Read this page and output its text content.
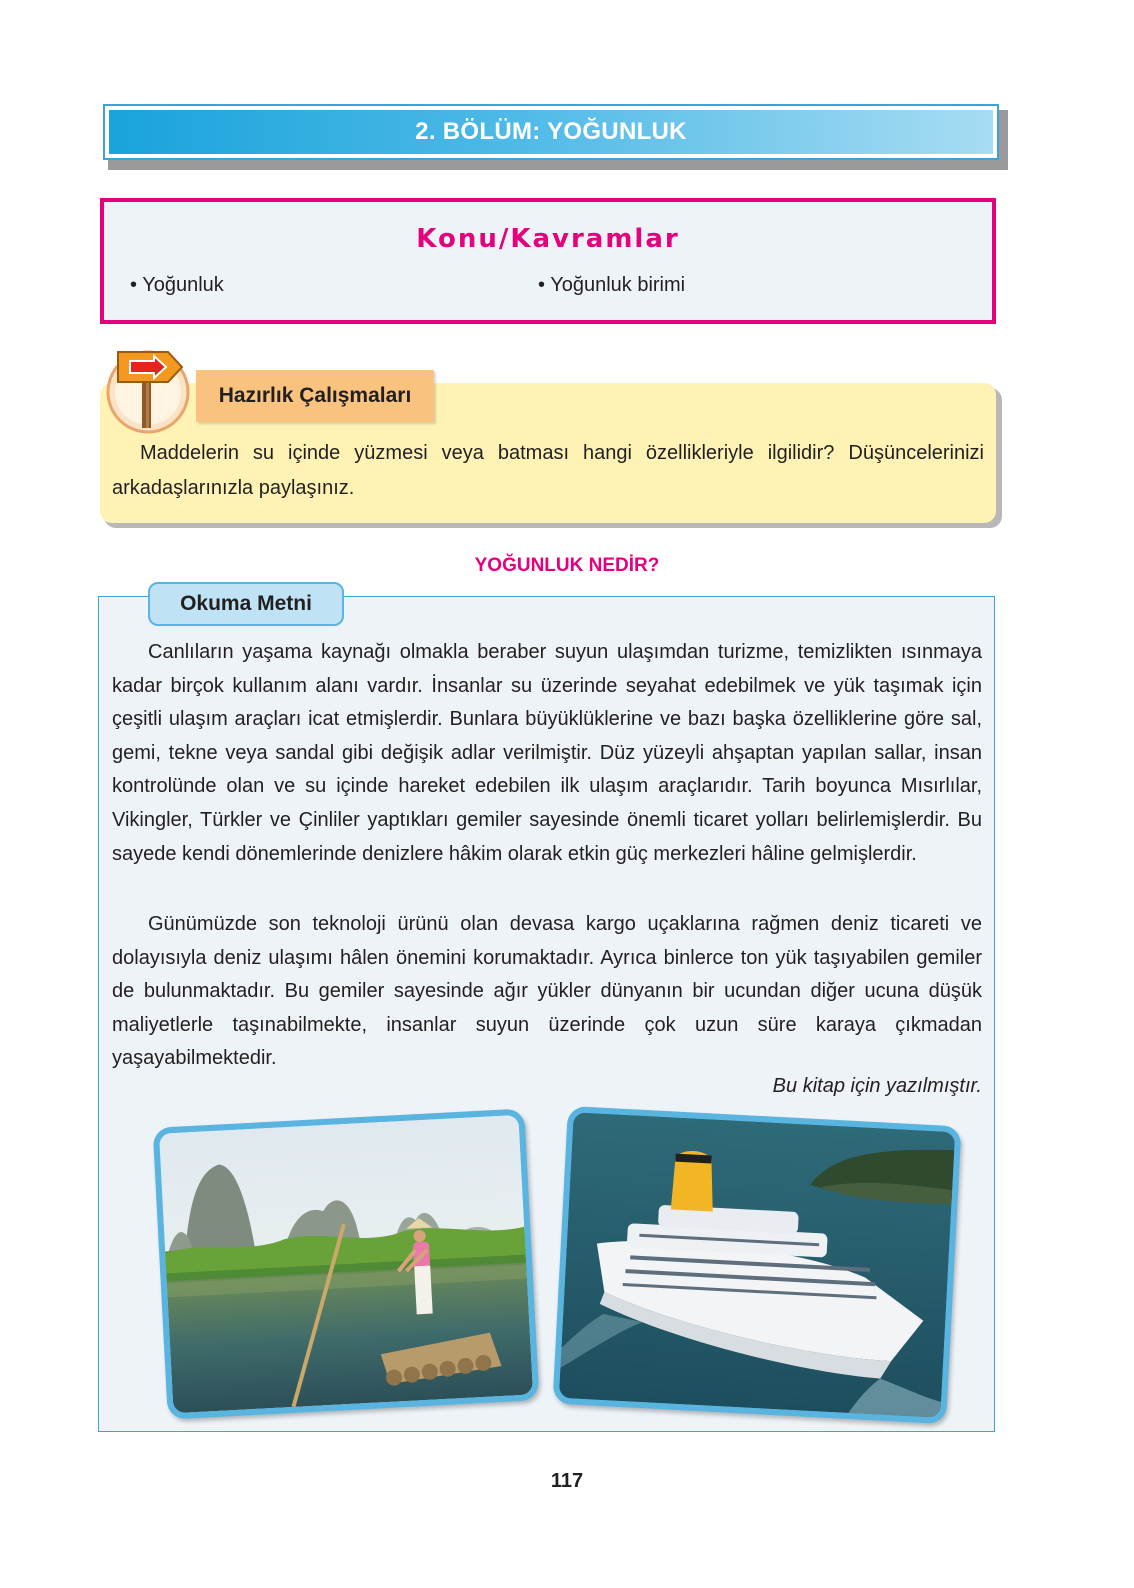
2. BÖLÜM: YOĞUNLUK
Konu/Kavramlar
• Yoğunluk	• Yoğunluk birimi
Hazırlık Çalışmaları
Maddelerin su içinde yüzmesi veya batması hangi özellikleriyle ilgilidir? Düşüncelerinizi arkadaşlarınızla paylaşınız.
YOĞUNLUK NEDİR?
Okuma Metni
Canlıların yaşama kaynağı olmakla beraber suyun ulaşımdan turizme, temizlikten ısınmaya kadar birçok kullanım alanı vardır. İnsanlar su üzerinde seyahat edebilmek ve yük taşımak için çeşitli ulaşım araçları icat etmişlerdir. Bunlara büyüklüklerine ve bazı başka özelliklerine göre sal, gemi, tekne veya sandal gibi değişik adlar verilmiştir. Düz yüzeyli ahşaptan yapılan sallar, insan kontrolünde olan ve su içinde hareket edebilen ilk ulaşım araçlarıdır. Tarih boyunca Mısırlılar, Vikingler, Türkler ve Çinliler yaptıkları gemiler sayesinde önemli ticaret yolları belirlemişlerdir. Bu sayede kendi dönemlerinde denizlere hâkim olarak etkin güç merkezleri hâline gelmişlerdir.
Günümüzde son teknoloji ürünü olan devasa kargo uçaklarına rağmen deniz ticareti ve dolayısıyla deniz ulaşımı hâlen önemini korumaktadır. Ayrıca binlerce ton yük taşıyabilen gemiler de bulunmaktadır. Bu gemiler sayesinde ağır yükler dünyanın bir ucundan diğer ucuna düşük maliyetlerle taşınabilmekte, insanlar suyun üzerinde çok uzun süre karaya çıkmadan yaşayabilmektedir.
Bu kitap için yazılmıştır.
117
